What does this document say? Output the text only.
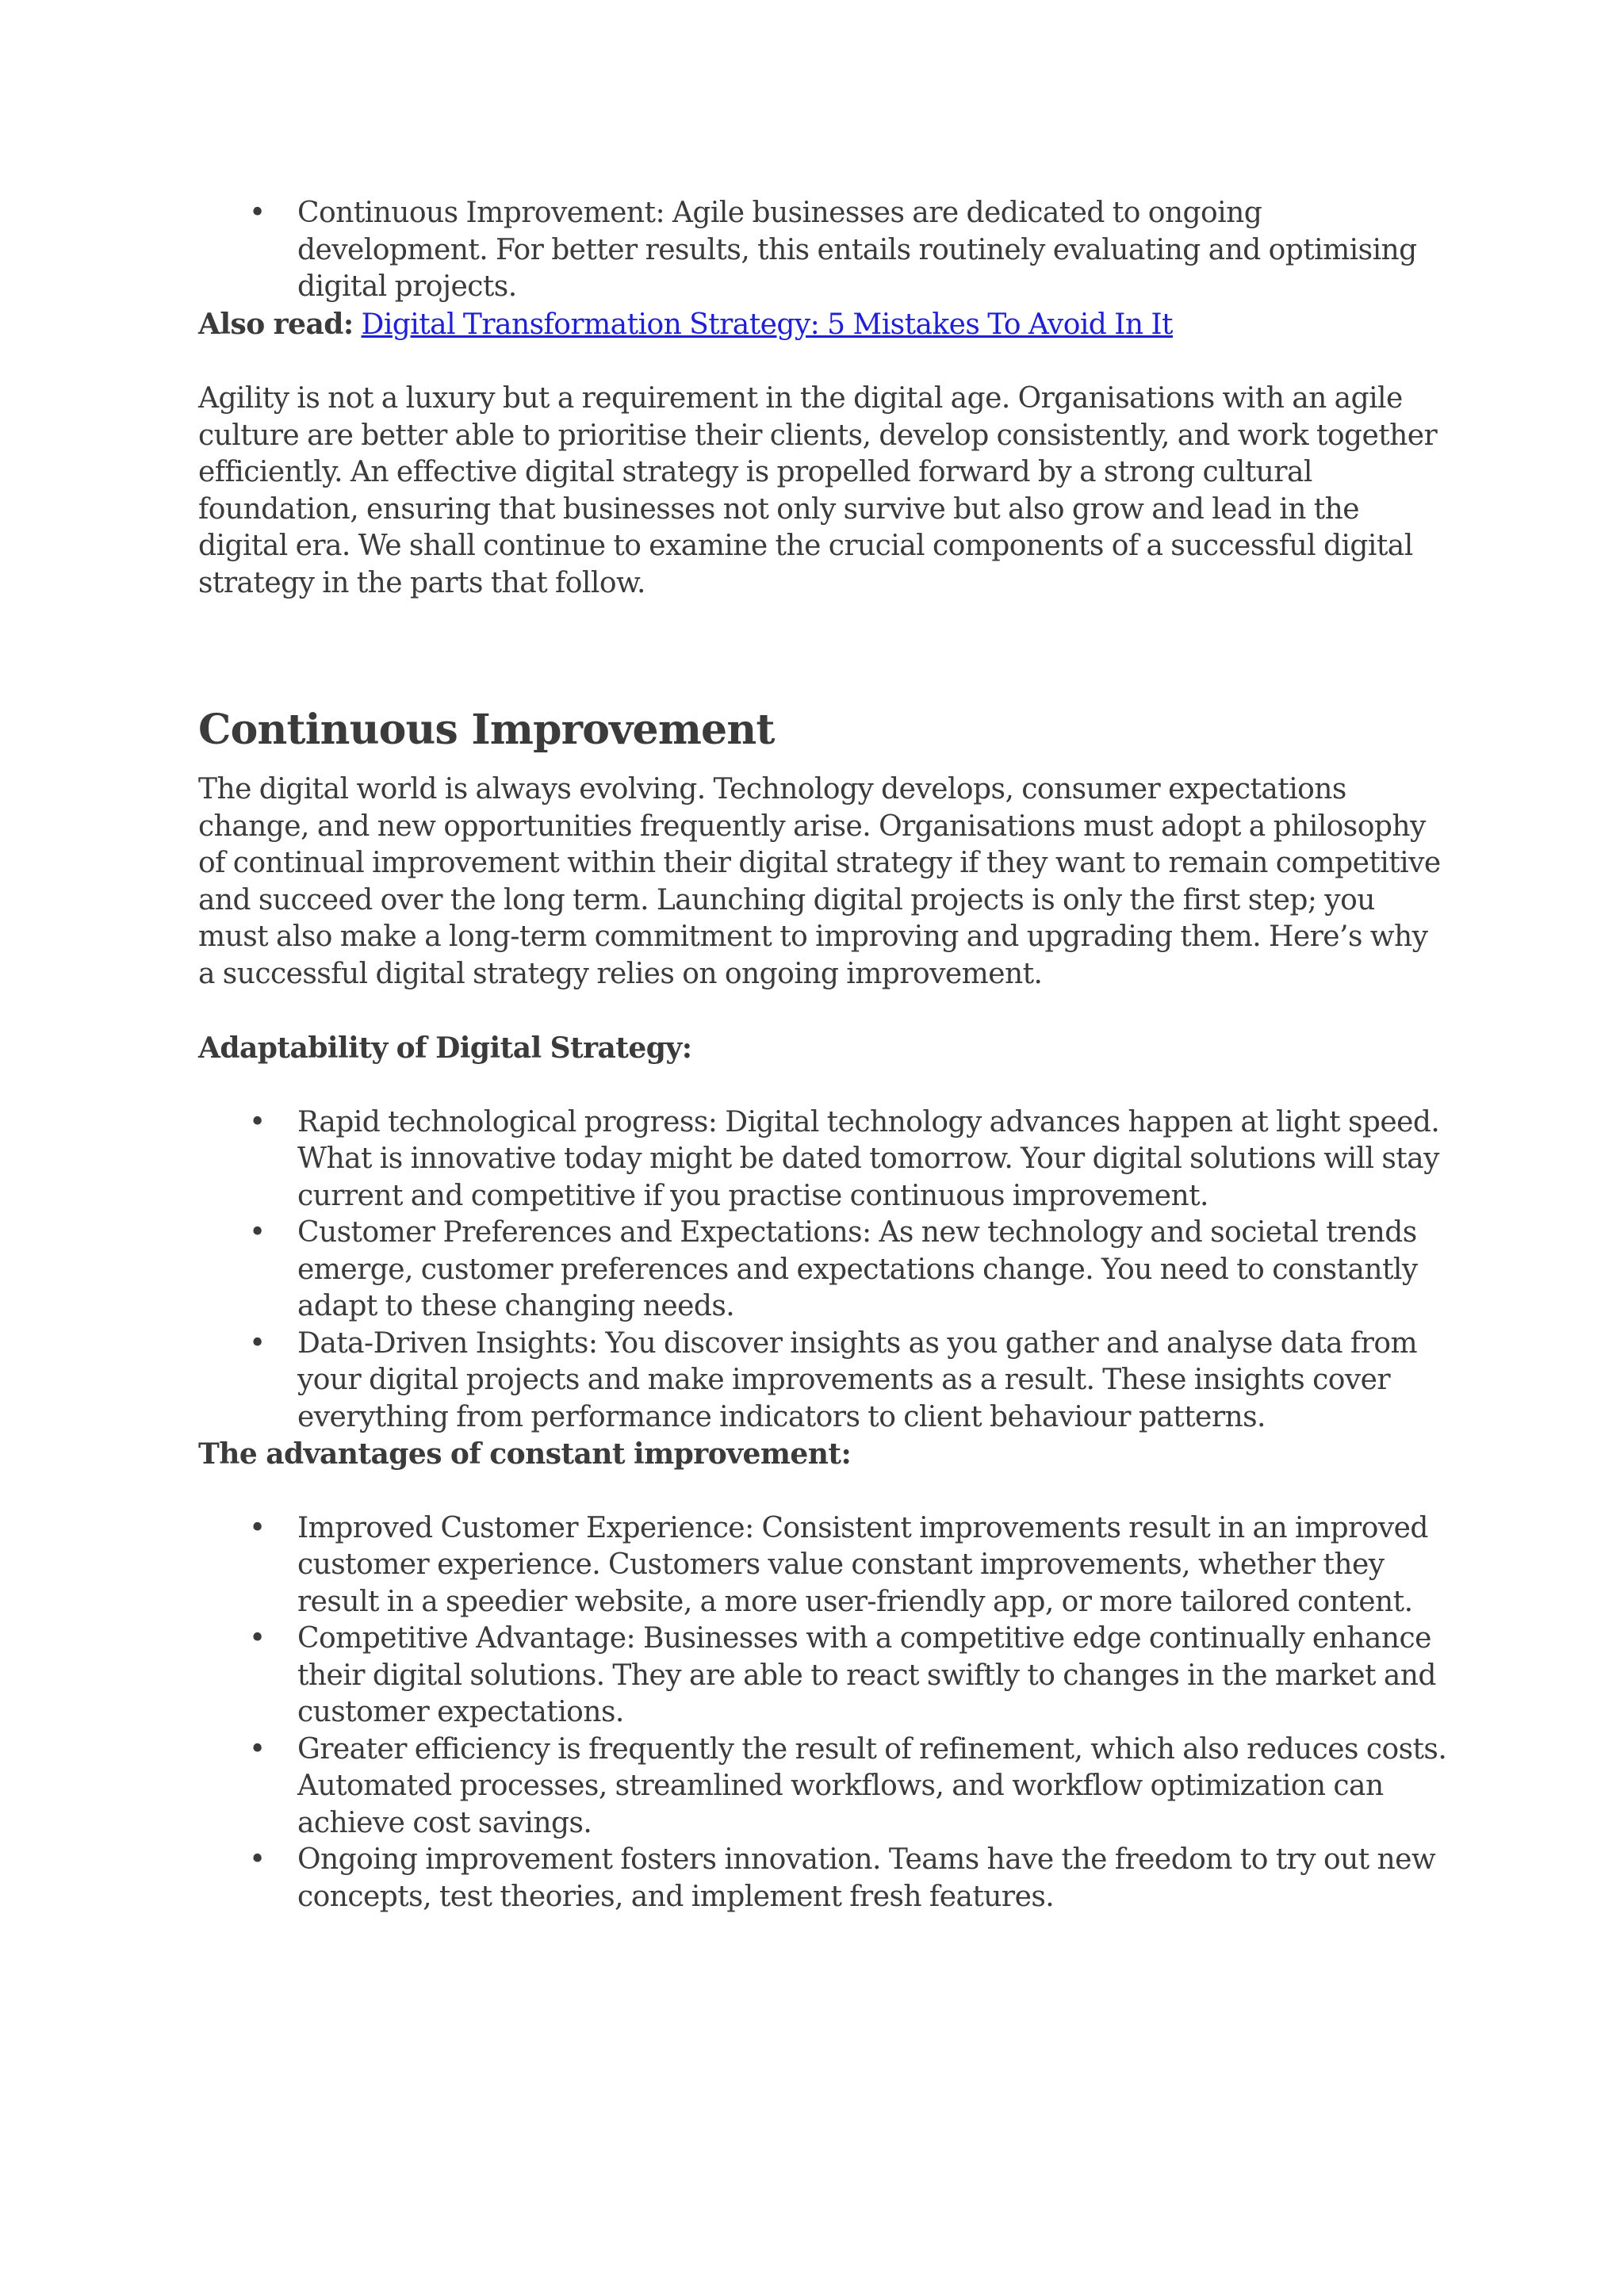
• Continuous Improvement: Agile businesses are dedicated to ongoing development. For better results, this entails routinely evaluating and optimising digital projects.

Also read: Digital Transformation Strategy: 5 Mistakes To Avoid In It

Agility is not a luxury but a requirement in the digital age. Organisations with an agile culture are better able to prioritise their clients, develop consistently, and work together efficiently. An effective digital strategy is propelled forward by a strong cultural foundation, ensuring that businesses not only survive but also grow and lead in the digital era. We shall continue to examine the crucial components of a successful digital strategy in the parts that follow.

Continuous Improvement

The digital world is always evolving. Technology develops, consumer expectations change, and new opportunities frequently arise. Organisations must adopt a philosophy of continual improvement within their digital strategy if they want to remain competitive and succeed over the long term. Launching digital projects is only the first step; you must also make a long-term commitment to improving and upgrading them. Here’s why a successful digital strategy relies on ongoing improvement.

Adaptability of Digital Strategy:

• Rapid technological progress: Digital technology advances happen at light speed. What is innovative today might be dated tomorrow. Your digital solutions will stay current and competitive if you practise continuous improvement.
• Customer Preferences and Expectations: As new technology and societal trends emerge, customer preferences and expectations change. You need to constantly adapt to these changing needs.
• Data-Driven Insights: You discover insights as you gather and analyse data from your digital projects and make improvements as a result. These insights cover everything from performance indicators to client behaviour patterns.

The advantages of constant improvement:

• Improved Customer Experience: Consistent improvements result in an improved customer experience. Customers value constant improvements, whether they result in a speedier website, a more user-friendly app, or more tailored content.
• Competitive Advantage: Businesses with a competitive edge continually enhance their digital solutions. They are able to react swiftly to changes in the market and customer expectations.
• Greater efficiency is frequently the result of refinement, which also reduces costs. Automated processes, streamlined workflows, and workflow optimization can achieve cost savings.
• Ongoing improvement fosters innovation. Teams have the freedom to try out new concepts, test theories, and implement fresh features.
